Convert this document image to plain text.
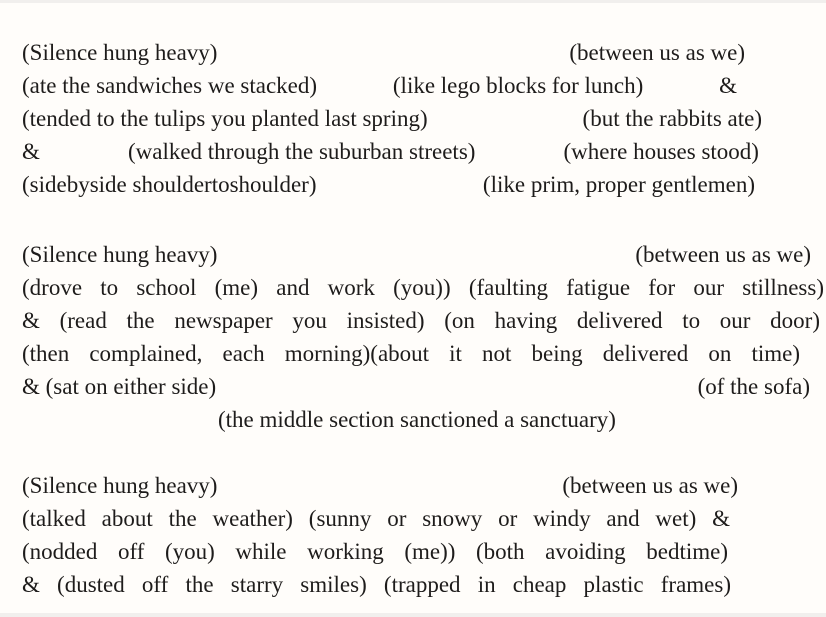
(Silence hung heavy)	(between us as we)
(ate the sandwiches we stacked)	(like lego blocks for lunch)	&
(tended to the tulips you planted last spring)	(but the rabbits ate)
&	(walked through the suburban streets)	(where houses stood)
(sidebyside shouldertoshoulder)	(like prim, proper gentlemen)
(Silence hung heavy)	(between us as we)
(drove to school (me) and work (you)) (faulting fatigue for our stillness)
& (read the newspaper you insisted) (on having delivered to our door)
(then complained, each morning)(about it not being delivered on time)
& (sat on either side)	(of the sofa)
(the middle section sanctioned a sanctuary)
(Silence hung heavy)	(between us as we)
(talked about the weather) (sunny or snowy or windy and wet) &
(nodded off (you) while working (me)) (both avoiding bedtime)
& (dusted off the starry smiles) (trapped in cheap plastic frames)
